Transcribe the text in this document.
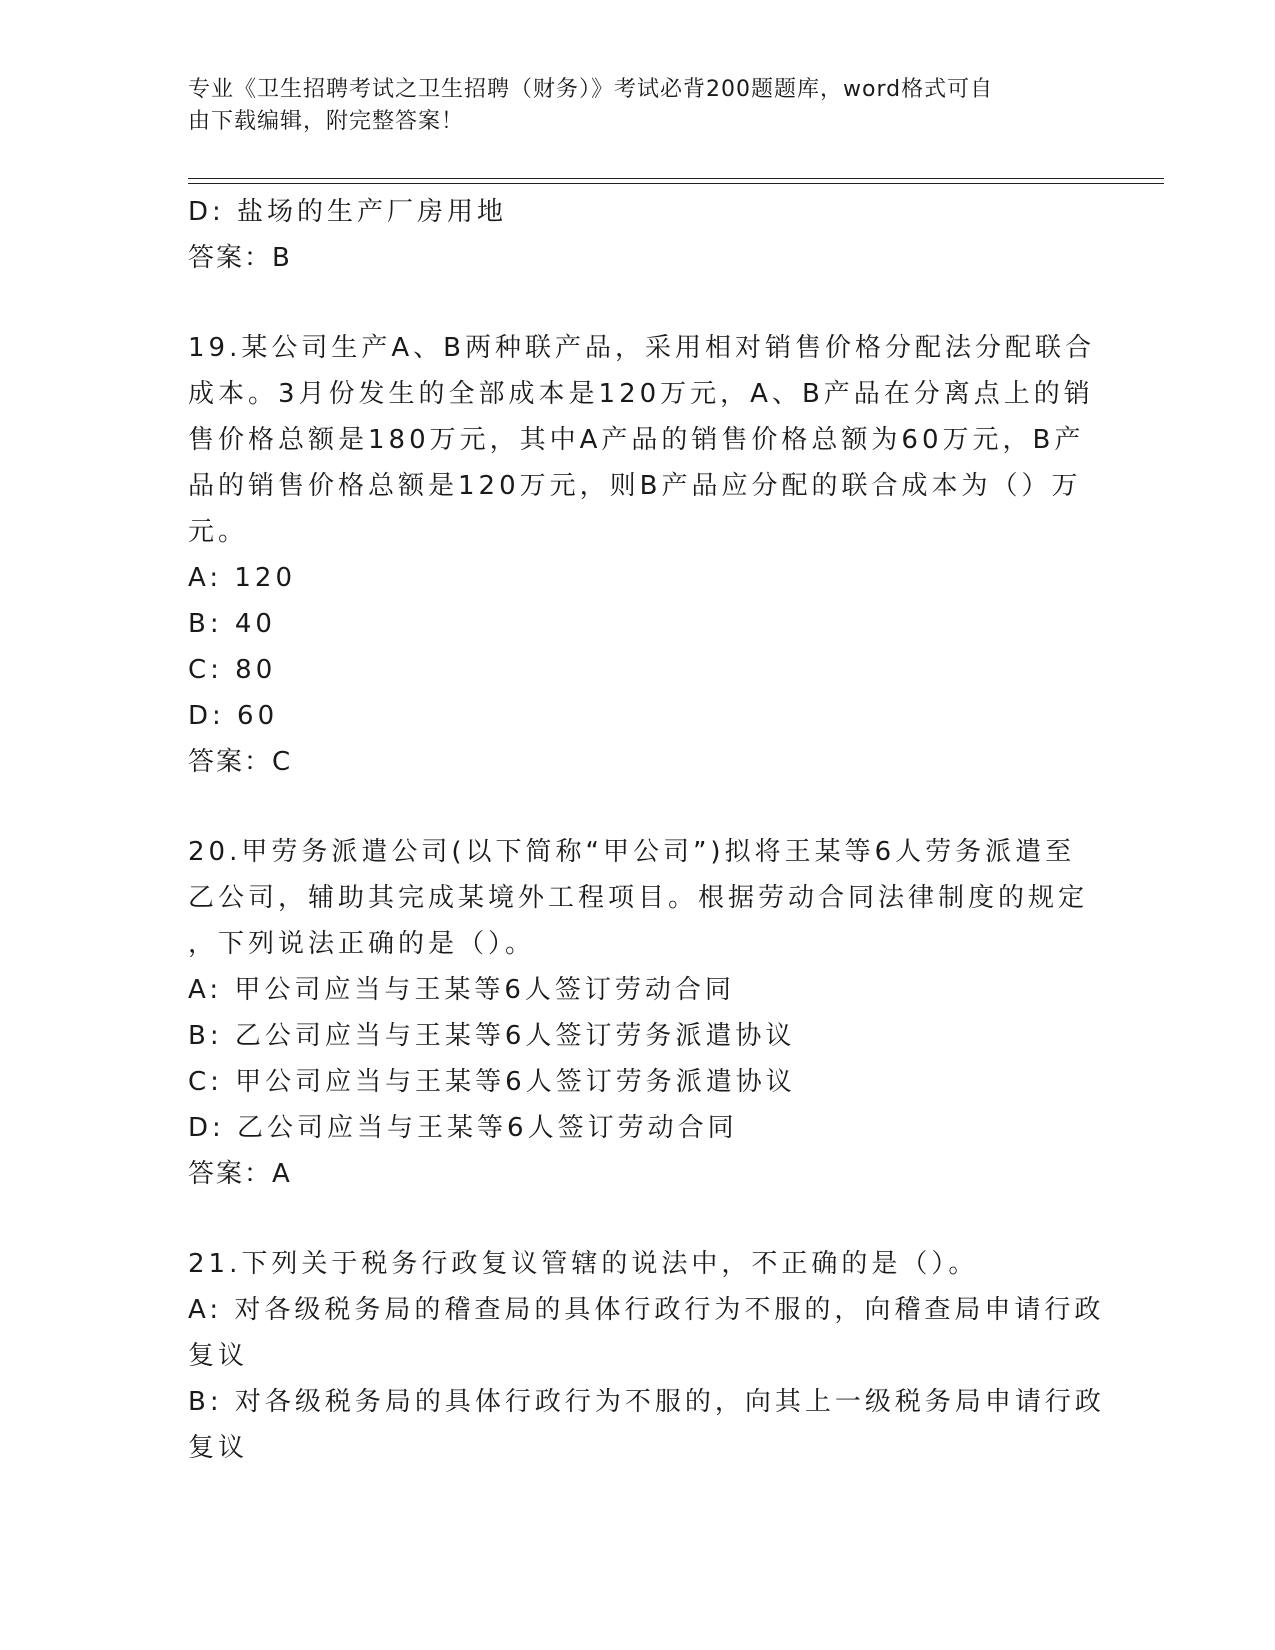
专业《卫生招聘考试之卫生招聘（财务）》考试必背200题题库，word格式可自
由下载编辑，附完整答案！
D: 盐场的生产厂房用地
答案：B
19.某公司生产A、B两种联产品，采用相对销售价格分配法分配联合
成本。3月份发生的全部成本是120万元，A、B产品在分离点上的销
售价格总额是180万元，其中A产品的销售价格总额为60万元，B产
品的销售价格总额是120万元，则B产品应分配的联合成本为（）万
元。
A: 120
B: 40
C: 80
D: 60
答案：C
20.甲劳务派遣公司(以下简称“甲公司”)拟将王某等6人劳务派遣至
乙公司，辅助其完成某境外工程项目。根据劳动合同法律制度的规定
，下列说法正确的是（）。
A: 甲公司应当与王某等6人签订劳动合同
B: 乙公司应当与王某等6人签订劳务派遣协议
C: 甲公司应当与王某等6人签订劳务派遣协议
D: 乙公司应当与王某等6人签订劳动合同
答案：A
21.下列关于税务行政复议管辖的说法中，不正确的是（）。
A: 对各级税务局的稽查局的具体行政行为不服的，向稽查局申请行政
复议
B: 对各级税务局的具体行政行为不服的，向其上一级税务局申请行政
复议
